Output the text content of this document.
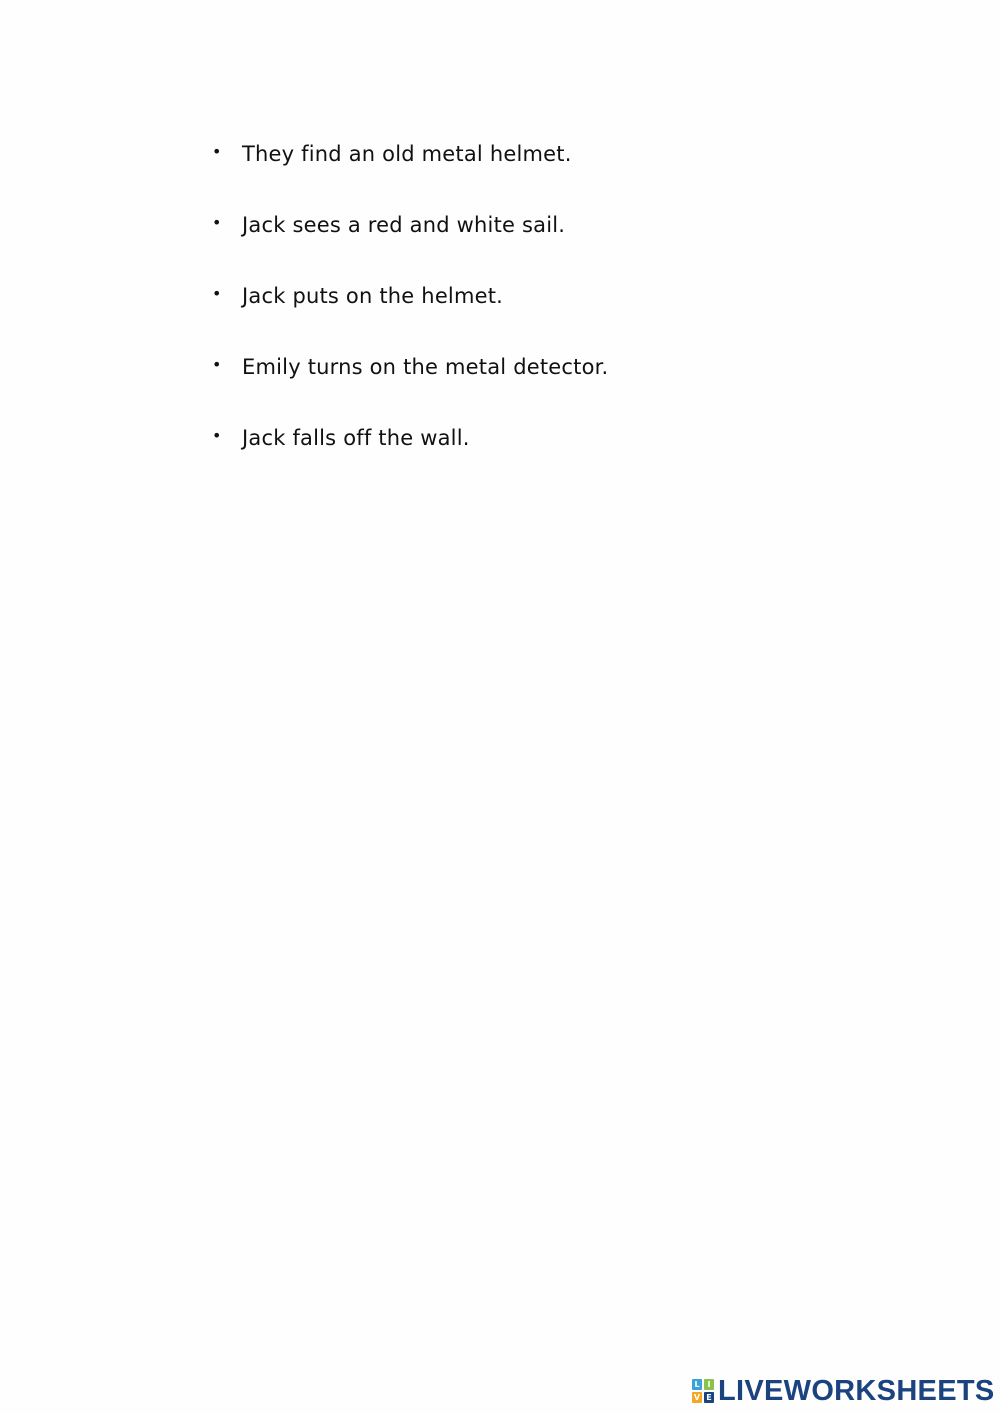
• They find an old metal helmet.
• Jack sees a red and white sail.
• Jack puts on the helmet.
• Emily turns on the metal detector.
• Jack falls off the wall.
L I
V E LIVEWORKSHEETS
